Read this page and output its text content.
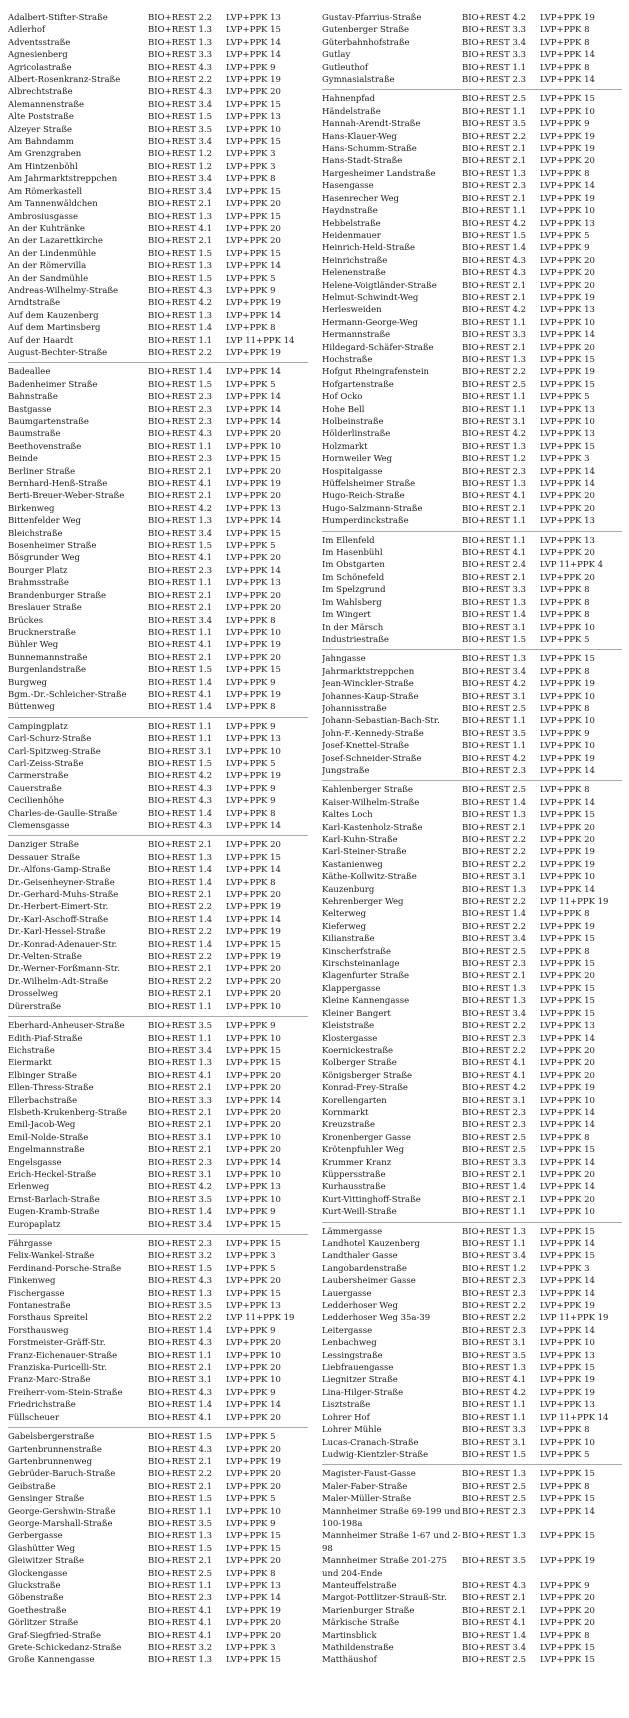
Adalbert-Stifter-Straße	BIO+REST 2.2	LVP+PPK 13
Adlerhof	BIO+REST 1.3	LVP+PPK 15
Adventsstraße	BIO+REST 1.3	LVP+PPK 14
Agnesienberg	BIO+REST 3.3	LVP+PPK 14
Agricolastraße	BIO+REST 4.3	LVP+PPK 9
Albert-Rosenkranz-Straße	BIO+REST 2.2	LVP+PPK 19
Albrechtstraße	BIO+REST 4.3	LVP+PPK 20
Alemannenstraße	BIO+REST 3.4	LVP+PPK 15
Alte Poststraße	BIO+REST 1.5	LVP+PPK 13
Alzeyer Straße	BIO+REST 3.5	LVP+PPK 10
Am Bahndamm	BIO+REST 3.4	LVP+PPK 15
Am Grenzgraben	BIO+REST 1.2	LVP+PPK 3
Am Hintzenböhl	BIO+REST 1.2	LVP+PPK 3
Am Jahrmarktstreppchen	BIO+REST 3.4	LVP+PPK 8
Am Römerkastell	BIO+REST 3.4	LVP+PPK 15
Am Tannenwäldchen	BIO+REST 2.1	LVP+PPK 20
Ambrosiusgasse	BIO+REST 1.3	LVP+PPK 15
An der Kuhtränke	BIO+REST 4.1	LVP+PPK 20
An der Lazarettkirche	BIO+REST 2.1	LVP+PPK 20
An der Lindenmühle	BIO+REST 1.5	LVP+PPK 15
An der Römervilla	BIO+REST 1.3	LVP+PPK 14
An der Sandmühle	BIO+REST 1.5	LVP+PPK 5
Andreas-Wilhelmy-Straße	BIO+REST 4.3	LVP+PPK 9
Arndtstraße	BIO+REST 4.2	LVP+PPK 19
Auf dem Kauzenberg	BIO+REST 1.3	LVP+PPK 14
Auf dem Martinsberg	BIO+REST 1.4	LVP+PPK 8
Auf der Haardt	BIO+REST 1.1	LVP 11+PPK 14
August-Bechter-Straße	BIO+REST 2.2	LVP+PPK 19
Badeallee	BIO+REST 1.4	LVP+PPK 14
Badenheimer Straße	BIO+REST 1.5	LVP+PPK 5
Bahnstraße	BIO+REST 2.3	LVP+PPK 14
Bastgasse	BIO+REST 2.3	LVP+PPK 14
Baumgartenstraße	BIO+REST 2.3	LVP+PPK 14
Baumstraße	BIO+REST 4.3	LVP+PPK 20
Beethovenstraße	BIO+REST 1.1	LVP+PPK 10
Beinde	BIO+REST 2.3	LVP+PPK 15
Berliner Straße	BIO+REST 2.1	LVP+PPK 20
Bernhard-Henß-Straße	BIO+REST 4.1	LVP+PPK 19
Berti-Breuer-Weber-Straße	BIO+REST 2.1	LVP+PPK 20
Birkenweg	BIO+REST 4.2	LVP+PPK 13
Bittenfelder Weg	BIO+REST 1.3	LVP+PPK 14
Bleichstraße	BIO+REST 3.4	LVP+PPK 15
Bosenheimer Straße	BIO+REST 1.5	LVP+PPK 5
Bösgrunder Weg	BIO+REST 4.1	LVP+PPK 20
Bourger Platz	BIO+REST 2.3	LVP+PPK 14
Brahmsstraße	BIO+REST 1.1	LVP+PPK 13
Brandenburger Straße	BIO+REST 2.1	LVP+PPK 20
Breslauer Straße	BIO+REST 2.1	LVP+PPK 20
Brückes	BIO+REST 3.4	LVP+PPK 8
Brucknerstraße	BIO+REST 1.1	LVP+PPK 10
Bühler Weg	BIO+REST 4.1	LVP+PPK 19
Bunnemannstraße	BIO+REST 2.1	LVP+PPK 20
Burgenlandstraße	BIO+REST 1.5	LVP+PPK 15
Burgweg	BIO+REST 1.4	LVP+PPK 9
Bgm.-Dr.-Schleicher-Straße	BIO+REST 4.1	LVP+PPK 19
Büttenweg	BIO+REST 1.4	LVP+PPK 8
Campingplatz	BIO+REST 1.1	LVP+PPK 9
Carl-Schurz-Straße	BIO+REST 1.1	LVP+PPK 13
Carl-Spitzweg-Straße	BIO+REST 3.1	LVP+PPK 10
Carl-Zeiss-Straße	BIO+REST 1.5	LVP+PPK 5
Carmerstraße	BIO+REST 4.2	LVP+PPK 19
Cauerstraße	BIO+REST 4.3	LVP+PPK 9
Cecilienhöhe	BIO+REST 4.3	LVP+PPK 9
Charles-de-Gaulle-Straße	BIO+REST 1.4	LVP+PPK 8
Clemensgasse	BIO+REST 4.3	LVP+PPK 14
Danziger Straße	BIO+REST 2.1	LVP+PPK 20
Dessauer Straße	BIO+REST 1.3	LVP+PPK 15
Dr.-Alfons-Gamp-Straße	BIO+REST 1.4	LVP+PPK 14
Dr.-Geisenheyner-Straße	BIO+REST 1.4	LVP+PPK 8
Dr.-Gerhard-Muhs-Straße	BIO+REST 2.1	LVP+PPK 20
Dr.-Herbert-Eimert-Str.	BIO+REST 2.2	LVP+PPK 19
Dr.-Karl-Aschoff-Straße	BIO+REST 1.4	LVP+PPK 14
Dr.-Karl-Hessel-Straße	BIO+REST 2.2	LVP+PPK 19
Dr.-Konrad-Adenauer-Str.	BIO+REST 1.4	LVP+PPK 15
Dr.-Velten-Straße	BIO+REST 2.2	LVP+PPK 19
Dr.-Werner-Forßmann-Str.	BIO+REST 2.1	LVP+PPK 20
Dr.-Wilhelm-Adt-Straße	BIO+REST 2.2	LVP+PPK 20
Drosselweg	BIO+REST 2.1	LVP+PPK 20
Dürerstraße	BIO+REST 1.1	LVP+PPK 10
Eberhard-Anheuser-Straße	BIO+REST 3.5	LVP+PPK 9
Edith-Piaf-Straße	BIO+REST 1.1	LVP+PPK 10
Eichstraße	BIO+REST 3.4	LVP+PPK 15
Eiermarkt	BIO+REST 1.3	LVP+PPK 15
Elbinger Straße	BIO+REST 4.1	LVP+PPK 20
Ellen-Thress-Straße	BIO+REST 2.1	LVP+PPK 20
Ellerbachstraße	BIO+REST 3.3	LVP+PPK 14
Elsbeth-Krukenberg-Straße	BIO+REST 2.1	LVP+PPK 20
Emil-Jacob-Weg	BIO+REST 2.1	LVP+PPK 20
Emil-Nolde-Straße	BIO+REST 3.1	LVP+PPK 10
Engelmannstraße	BIO+REST 2.1	LVP+PPK 20
Engelsgasse	BIO+REST 2.3	LVP+PPK 14
Erich-Heckel-Straße	BIO+REST 3.1	LVP+PPK 10
Erlenweg	BIO+REST 4.2	LVP+PPK 13
Ernst-Barlach-Straße	BIO+REST 3.5	LVP+PPK 10
Eugen-Kramb-Straße	BIO+REST 1.4	LVP+PPK 9
Europaplatz	BIO+REST 3.4	LVP+PPK 15
Fährgasse	BIO+REST 2.3	LVP+PPK 15
Felix-Wankel-Straße	BIO+REST 3.2	LVP+PPK 3
Ferdinand-Porsche-Straße	BIO+REST 1.5	LVP+PPK 5
Finkenweg	BIO+REST 4.3	LVP+PPK 20
Fischergasse	BIO+REST 1.3	LVP+PPK 15
Fontanestraße	BIO+REST 3.5	LVP+PPK 13
Forsthaus Spreitel	BIO+REST 2.2	LVP 11+PPK 19
Forsthausweg	BIO+REST 1.4	LVP+PPK 9
Forstmeister-Gräff-Str.	BIO+REST 4.3	LVP+PPK 20
Franz-Eichenauer-Straße	BIO+REST 1.1	LVP+PPK 10
Franziska-Puricelli-Str.	BIO+REST 2.1	LVP+PPK 20
Franz-Marc-Straße	BIO+REST 3.1	LVP+PPK 10
Freiherr-vom-Stein-Straße	BIO+REST 4.3	LVP+PPK 9
Friedrichstraße	BIO+REST 1.4	LVP+PPK 14
Füllscheuer	BIO+REST 4.1	LVP+PPK 20
Gabelsbergerstraße	BIO+REST 1.5	LVP+PPK 5
Gartenbrunnenstraße	BIO+REST 4.3	LVP+PPK 20
Gartenbrunnenweg	BIO+REST 2.1	LVP+PPK 19
Gebrüder-Baruch-Straße	BIO+REST 2.2	LVP+PPK 20
Geibstraße	BIO+REST 2.1	LVP+PPK 20
Gensinger Straße	BIO+REST 1.5	LVP+PPK 5
George-Gershwin-Straße	BIO+REST 1.1	LVP+PPK 10
George-Marshall-Straße	BIO+REST 3.5	LVP+PPK 9
Gerbergasse	BIO+REST 1.3	LVP+PPK 15
Glashütter Weg	BIO+REST 1.5	LVP+PPK 15
Gleiwitzer Straße	BIO+REST 2.1	LVP+PPK 20
Glockengasse	BIO+REST 2.5	LVP+PPK 8
Gluckstraße	BIO+REST 1.1	LVP+PPK 13
Göbenstraße	BIO+REST 2.3	LVP+PPK 14
Goethestraße	BIO+REST 4.1	LVP+PPK 19
Görlitzer Straße	BIO+REST 4.1	LVP+PPK 20
Graf-Siegfried-Straße	BIO+REST 4.1	LVP+PPK 20
Grete-Schickedanz-Straße	BIO+REST 3.2	LVP+PPK 3
Große Kannengasse	BIO+REST 1.3	LVP+PPK 15
Gustav-Pfarrius-Straße	BIO+REST 4.2	LVP+PPK 19
Gutenberger Straße	BIO+REST 3.3	LVP+PPK 8
Güterbahnhofstraße	BIO+REST 3.4	LVP+PPK 8
Gutlay	BIO+REST 3.3	LVP+PPK 14
Gutleuthof	BIO+REST 1.1	LVP+PPK 8
Gymnasialstraße	BIO+REST 2.3	LVP+PPK 14
Hahnenpfad	BIO+REST 2.5	LVP+PPK 15
Händelstraße	BIO+REST 1.1	LVP+PPK 10
Hannah-Arendt-Straße	BIO+REST 3.5	LVP+PPK 9
Hans-Klauer-Weg	BIO+REST 2.2	LVP+PPK 19
Hans-Schumm-Straße	BIO+REST 2.1	LVP+PPK 19
Hans-Stadt-Straße	BIO+REST 2.1	LVP+PPK 20
Hargesheimer Landstraße	BIO+REST 1.3	LVP+PPK 8
Hasengasse	BIO+REST 2.3	LVP+PPK 14
Hasenrecher Weg	BIO+REST 2.1	LVP+PPK 19
Haydnstraße	BIO+REST 1.1	LVP+PPK 10
Hebbelstraße	BIO+REST 4.2	LVP+PPK 13
Heidenmauer	BIO+REST 1.5	LVP+PPK 5
Heinrich-Held-Straße	BIO+REST 1.4	LVP+PPK 9
Heinrichstraße	BIO+REST 4.3	LVP+PPK 20
Helenenstraße	BIO+REST 4.3	LVP+PPK 20
Helene-Voigtländer-Straße	BIO+REST 2.1	LVP+PPK 20
Helmut-Schwindt-Weg	BIO+REST 2.1	LVP+PPK 19
Herlesweiden	BIO+REST 4.2	LVP+PPK 13
Hermann-George-Weg	BIO+REST 1.1	LVP+PPK 10
Hermannstraße	BIO+REST 3.3	LVP+PPK 14
Hildegard-Schäfer-Straße	BIO+REST 2.1	LVP+PPK 20
Hochstraße	BIO+REST 1.3	LVP+PPK 15
Hofgut Rheingrafenstein	BIO+REST 2.2	LVP+PPK 19
Hofgartenstraße	BIO+REST 2.5	LVP+PPK 15
Hof Ocko	BIO+REST 1.1	LVP+PPK 5
Hohe Bell	BIO+REST 1.1	LVP+PPK 13
Holbeinstraße	BIO+REST 3.1	LVP+PPK 10
Hölderlinstraße	BIO+REST 4.2	LVP+PPK 13
Holzmarkt	BIO+REST 1.3	LVP+PPK 15
Hornweiler Weg	BIO+REST 1.2	LVP+PPK 3
Hospitalgasse	BIO+REST 2.3	LVP+PPK 14
Hüffelsheimer Straße	BIO+REST 1.3	LVP+PPK 14
Hugo-Reich-Straße	BIO+REST 4.1	LVP+PPK 20
Hugo-Salzmann-Straße	BIO+REST 2.1	LVP+PPK 20
Humperdinckstraße	BIO+REST 1.1	LVP+PPK 13
Im Ellenfeld	BIO+REST 1.1	LVP+PPK 13
Im Hasenbühl	BIO+REST 4.1	LVP+PPK 20
Im Obstgarten	BIO+REST 2.4	LVP 11+PPK 4
Im Schönefeld	BIO+REST 2.1	LVP+PPK 20
Im Spelzgrund	BIO+REST 3.3	LVP+PPK 8
Im Wahlsberg	BIO+REST 1.3	LVP+PPK 8
Im Wingert	BIO+REST 1.4	LVP+PPK 8
In der Märsch	BIO+REST 3.1	LVP+PPK 10
Industriestraße	BIO+REST 1.5	LVP+PPK 5
Jahngasse	BIO+REST 1.3	LVP+PPK 15
Jahrmarktstreppchen	BIO+REST 3.4	LVP+PPK 8
Jean-Winckler-Straße	BIO+REST 4.2	LVP+PPK 19
Johannes-Kaup-Straße	BIO+REST 3.1	LVP+PPK 10
Johannisstraße	BIO+REST 2.5	LVP+PPK 8
Johann-Sebastian-Bach-Str.	BIO+REST 1.1	LVP+PPK 10
John-F.-Kennedy-Straße	BIO+REST 3.5	LVP+PPK 9
Josef-Knettel-Straße	BIO+REST 1.1	LVP+PPK 10
Josef-Schneider-Straße	BIO+REST 4.2	LVP+PPK 19
Jungstraße	BIO+REST 2.3	LVP+PPK 14
Kahlenberger Straße	BIO+REST 2.5	LVP+PPK 8
Kaiser-Wilhelm-Straße	BIO+REST 1.4	LVP+PPK 14
Kaltes Loch	BIO+REST 1.3	LVP+PPK 15
Karl-Kastenholz-Straße	BIO+REST 2.1	LVP+PPK 20
Karl-Kuhn-Straße	BIO+REST 2.2	LVP+PPK 20
Karl-Steiner-Straße	BIO+REST 2.2	LVP+PPK 19
Kastanienweg	BIO+REST 2.2	LVP+PPK 19
Käthe-Kollwitz-Straße	BIO+REST 3.1	LVP+PPK 10
Kauzenburg	BIO+REST 1.3	LVP+PPK 14
Kehrenberger Weg	BIO+REST 2.2	LVP 11+PPK 19
Kelterweg	BIO+REST 1.4	LVP+PPK 8
Kieferweg	BIO+REST 2.2	LVP+PPK 19
Kilianstraße	BIO+REST 3.4	LVP+PPK 15
Kinscherfstraße	BIO+REST 2.5	LVP+PPK 8
Kirschsteinanlage	BIO+REST 2.3	LVP+PPK 15
Klagenfurter Straße	BIO+REST 2.1	LVP+PPK 20
Klappergasse	BIO+REST 1.3	LVP+PPK 15
Kleine Kannengasse	BIO+REST 1.3	LVP+PPK 15
Kleiner Bangert	BIO+REST 3.4	LVP+PPK 15
Kleiststraße	BIO+REST 2.2	LVP+PPK 13
Klostergasse	BIO+REST 2.3	LVP+PPK 14
Koernickestraße	BIO+REST 2.2	LVP+PPK 20
Kolberger Straße	BIO+REST 4.1	LVP+PPK 20
Königsberger Straße	BIO+REST 4.1	LVP+PPK 20
Konrad-Frey-Straße	BIO+REST 4.2	LVP+PPK 19
Korellengarten	BIO+REST 3.1	LVP+PPK 10
Kornmarkt	BIO+REST 2.3	LVP+PPK 14
Kreuzstraße	BIO+REST 2.3	LVP+PPK 14
Kronenberger Gasse	BIO+REST 2.5	LVP+PPK 8
Krötenpfuhler Weg	BIO+REST 2.5	LVP+PPK 15
Krummer Kranz	BIO+REST 3.3	LVP+PPK 14
Küppersstraße	BIO+REST 2.1	LVP+PPK 20
Kurhausstraße	BIO+REST 1.4	LVP+PPK 14
Kurt-Vittinghoff-Straße	BIO+REST 2.1	LVP+PPK 20
Kurt-Weill-Straße	BIO+REST 1.1	LVP+PPK 10
Lämmergasse	BIO+REST 1.3	LVP+PPK 15
Landhotel Kauzenberg	BIO+REST 1.1	LVP+PPK 14
Landthaler Gasse	BIO+REST 3.4	LVP+PPK 15
Langobardenstraße	BIO+REST 1.2	LVP+PPK 3
Laubersheimer Gasse	BIO+REST 2.3	LVP+PPK 14
Lauergasse	BIO+REST 2.3	LVP+PPK 14
Ledderhoser Weg	BIO+REST 2.2	LVP+PPK 19
Ledderhoser Weg 35a-39	BIO+REST 2.2	LVP 11+PPK 19
Leitergasse	BIO+REST 2.3	LVP+PPK 14
Lenbachweg	BIO+REST 3.1	LVP+PPK 10
Lessingstraße	BIO+REST 3.5	LVP+PPK 13
Liebfrauengasse	BIO+REST 1.3	LVP+PPK 15
Liegnitzer Straße	BIO+REST 4.1	LVP+PPK 19
Lina-Hilger-Straße	BIO+REST 4.2	LVP+PPK 19
Lisztstraße	BIO+REST 1.1	LVP+PPK 13
Lohrer Hof	BIO+REST 1.1	LVP 11+PPK 14
Lohrer Mühle	BIO+REST 3.3	LVP+PPK 8
Lucas-Cranach-Straße	BIO+REST 3.1	LVP+PPK 10
Ludwig-Kientzler-Straße	BIO+REST 1.5	LVP+PPK 5
Magister-Faust-Gasse	BIO+REST 1.3	LVP+PPK 15
Maler-Faber-Straße	BIO+REST 2.5	LVP+PPK 8
Maler-Müller-Straße	BIO+REST 2.5	LVP+PPK 15
Mannheimer Straße 69-199 und 100-198a
BIO+REST 2.3	LVP+PPK 14
Mannheimer Straße 1-67 und 2-98
BIO+REST 1.3	LVP+PPK 15
Mannheimer Straße 201-275 und 204-Ende
BIO+REST 3.5	LVP+PPK 19
Manteuffelstraße	BIO+REST 4.3	LVP+PPK 9
Margot-Pottlitzer-Strauß-Str.	BIO+REST 2.1	LVP+PPK 20
Marienburger Straße	BIO+REST 2.1	LVP+PPK 20
Märkische Straße	BIO+REST 4.1	LVP+PPK 20
Martinsblick	BIO+REST 1.4	LVP+PPK 8
Mathildenstraße	BIO+REST 3.4	LVP+PPK 15
Matthäushof	BIO+REST 2.5	LVP+PPK 15
